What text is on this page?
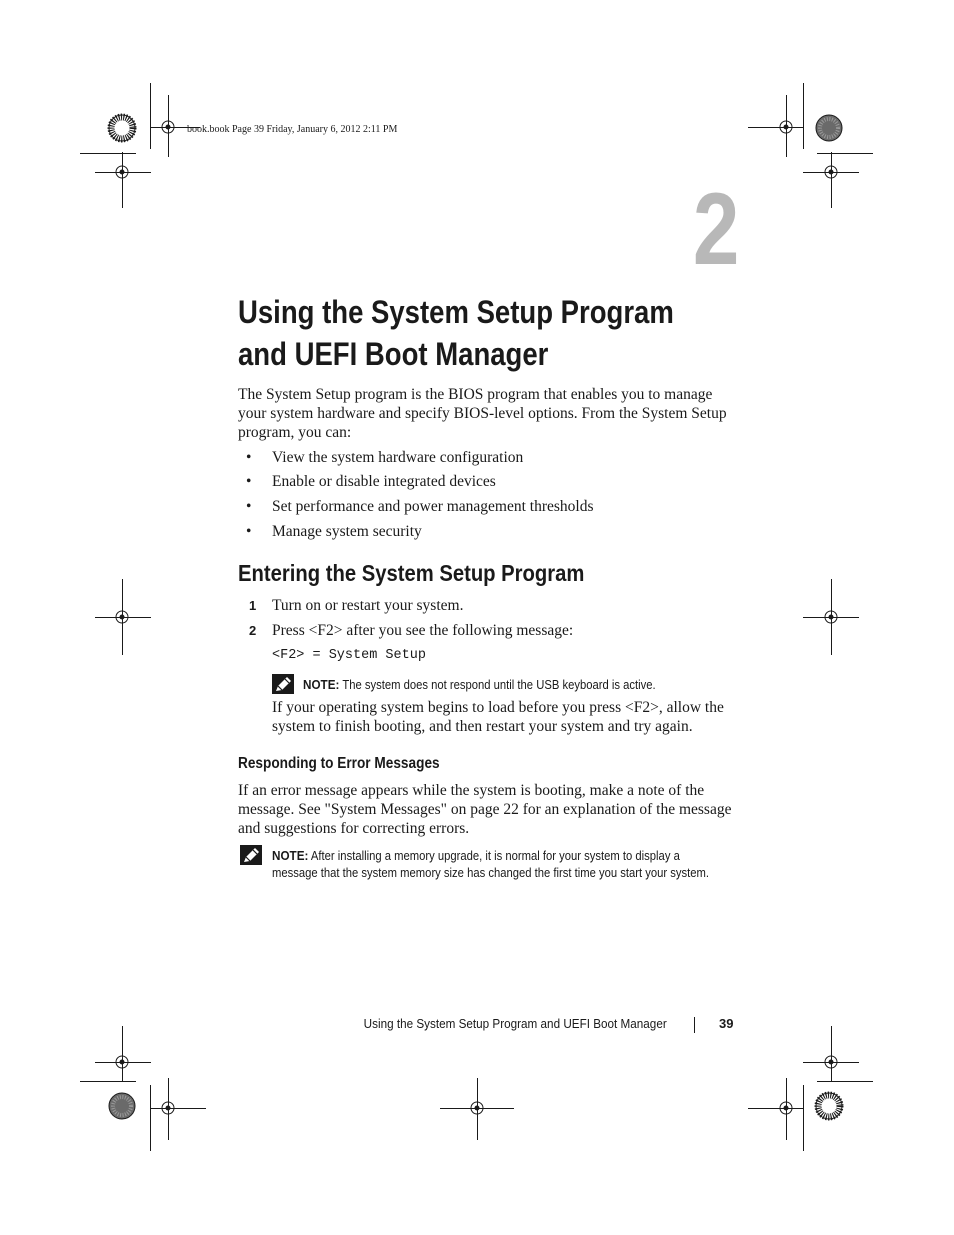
book.book Page 39 Friday, January 6, 2012 2:11 PM
2
Using the System Setup Program
and UEFI Boot Manager
The System Setup program is the BIOS program that enables you to manage your system hardware and specify BIOS-level options. From the System Setup program, you can:
• View the system hardware configuration
• Enable or disable integrated devices
• Set performance and power management thresholds
• Manage system security
Entering the System Setup Program
1 Turn on or restart your system.
2 Press <F2> after you see the following message:
<F2> = System Setup
NOTE: The system does not respond until the USB keyboard is active.
If your operating system begins to load before you press <F2>, allow the system to finish booting, and then restart your system and try again.
Responding to Error Messages
If an error message appears while the system is booting, make a note of the message. See "System Messages" on page 22 for an explanation of the message and suggestions for correcting errors.
NOTE: After installing a memory upgrade, it is normal for your system to display a message that the system memory size has changed the first time you start your system.
Using the System Setup Program and UEFI Boot Manager	39
